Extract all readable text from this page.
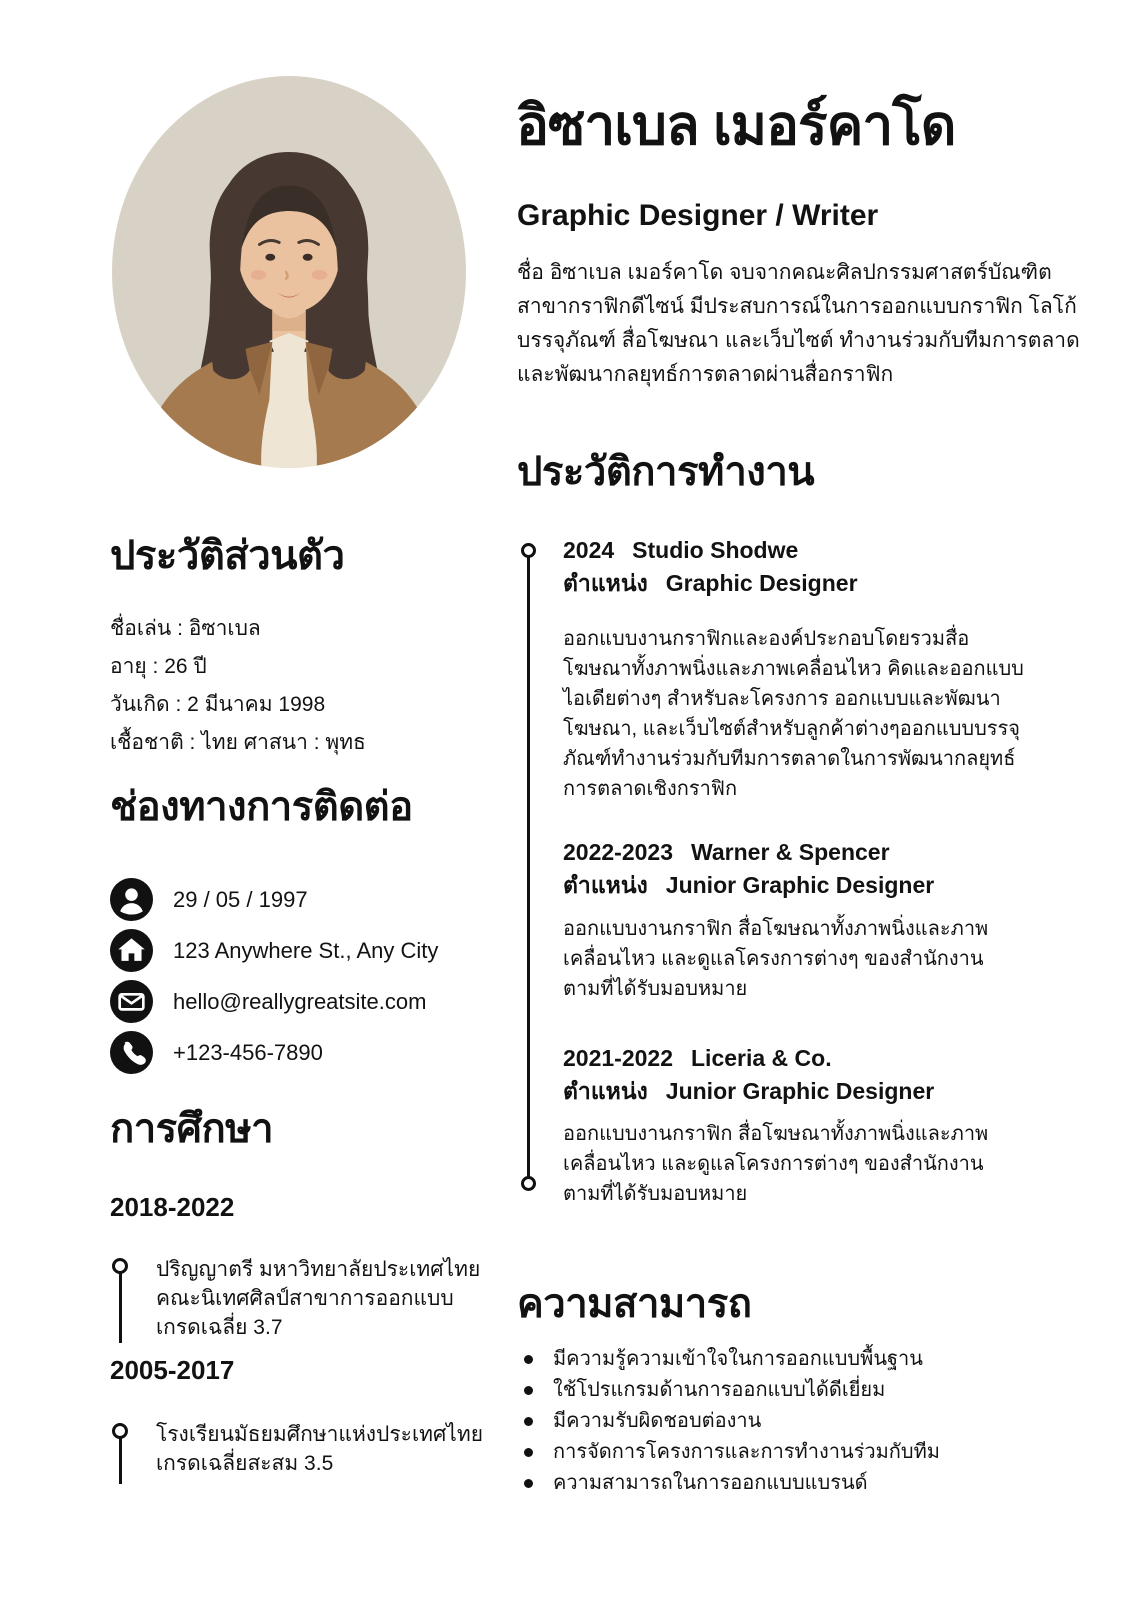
ประวัติส่วนตัว
ชื่อเล่น : อิซาเบล
อายุ : 26 ปี
วันเกิด : 2 มีนาคม 1998
เชื้อชาติ : ไทย ศาสนา : พุทธ
ช่องทางการติดต่อ
29 / 05 / 1997
123 Anywhere St., Any City
hello@reallygreatsite.com
+123-456-7890
การศึกษา
2018-2022
ปริญญาตรี มหาวิทยาลัยประเทศไทย
คณะนิเทศศิลป์สาขาการออกแบบ
เกรดเฉลี่ย 3.7
2005-2017
โรงเรียนมัธยมศึกษาแห่งประเทศไทย
เกรดเฉลี่ยสะสม 3.5
อิซาเบล เมอร์คาโด
Graphic Designer / Writer
ชื่อ อิซาเบล เมอร์คาโด จบจากคณะศิลปกรรมศาสตร์บัณฑิต
สาขากราฟิกดีไซน์ มีประสบการณ์ในการออกแบบกราฟิก โลโก้
บรรจุภัณฑ์ สื่อโฆษณา และเว็บไซต์ ทำงานร่วมกับทีมการตลาด
และพัฒนากลยุทธ์การตลาดผ่านสื่อกราฟิก
ประวัติการทำงาน
2024 Studio Shodwe
ตำแหน่ง Graphic Designer
ออกแบบงานกราฟิกและองค์ประกอบโดยรวมสื่อ
โฆษณาทั้งภาพนิ่งและภาพเคลื่อนไหว คิดและออกแบบ
ไอเดียต่างๆ สำหรับละโครงการ ออกแบบและพัฒนา
โฆษณา, และเว็บไซต์สำหรับลูกค้าต่างๆออกแบบบรรจุ
ภัณฑ์ทำงานร่วมกับทีมการตลาดในการพัฒนากลยุทธ์
การตลาดเชิงกราฟิก
2022-2023 Warner & Spencer
ตำแหน่ง Junior Graphic Designer
ออกแบบงานกราฟิก สื่อโฆษณาทั้งภาพนิ่งและภาพ
เคลื่อนไหว และดูแลโครงการต่างๆ ของสำนักงาน
ตามที่ได้รับมอบหมาย
2021-2022 Liceria & Co.
ตำแหน่ง Junior Graphic Designer
ออกแบบงานกราฟิก สื่อโฆษณาทั้งภาพนิ่งและภาพ
เคลื่อนไหว และดูแลโครงการต่างๆ ของสำนักงาน
ตามที่ได้รับมอบหมาย
ความสามารถ
มีความรู้ความเข้าใจในการออกแบบพื้นฐาน
ใช้โปรแกรมด้านการออกแบบได้ดีเยี่ยม
มีความรับผิดชอบต่องาน
การจัดการโครงการและการทำงานร่วมกับทีม
ความสามารถในการออกแบบแบรนด์
